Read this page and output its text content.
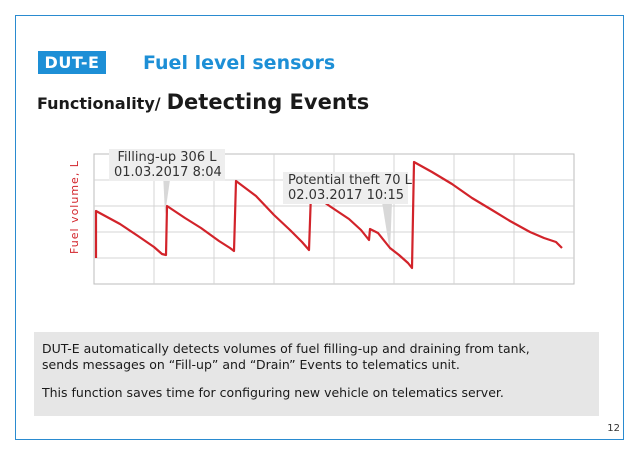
DUT-E	Fuel level sensors
Functionality/ Detecting Events
Fuel volume, L
Filling-up 306 L
01.03.2017 8:04
Potential theft 70 L
02.03.2017 10:15

DUT-E automatically detects volumes of fuel filling-up and draining from tank,

sends messages on “Fill-up” and “Drain” Events to telematics unit.

This function saves time for configuring new vehicle on telematics server.

12
